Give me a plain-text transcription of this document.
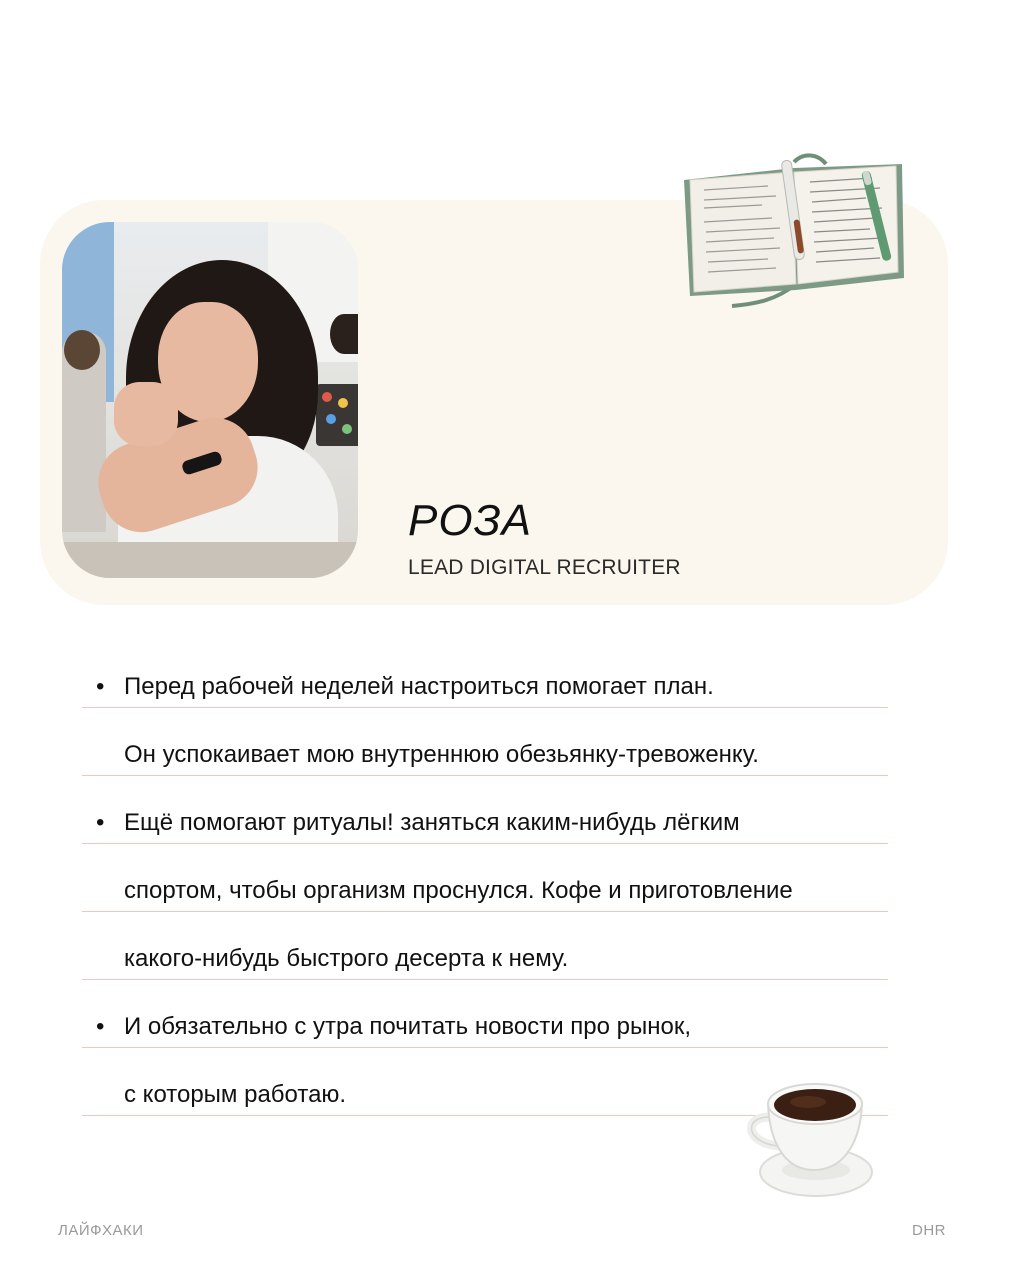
РОЗА
LEAD DIGITAL RECRUITER
• Перед рабочей неделей настроиться помогает план.
Он успокаивает мою внутреннюю обезьянку-тревоженку.
• Ещё помогают ритуалы! заняться каким-нибудь лёгким
спортом, чтобы организм проснулся. Кофе и приготовление
какого-нибудь быстрого десерта к нему.
• И обязательно с утра почитать новости про рынок,
с которым работаю.
ЛАЙФХАКИ	DHR
